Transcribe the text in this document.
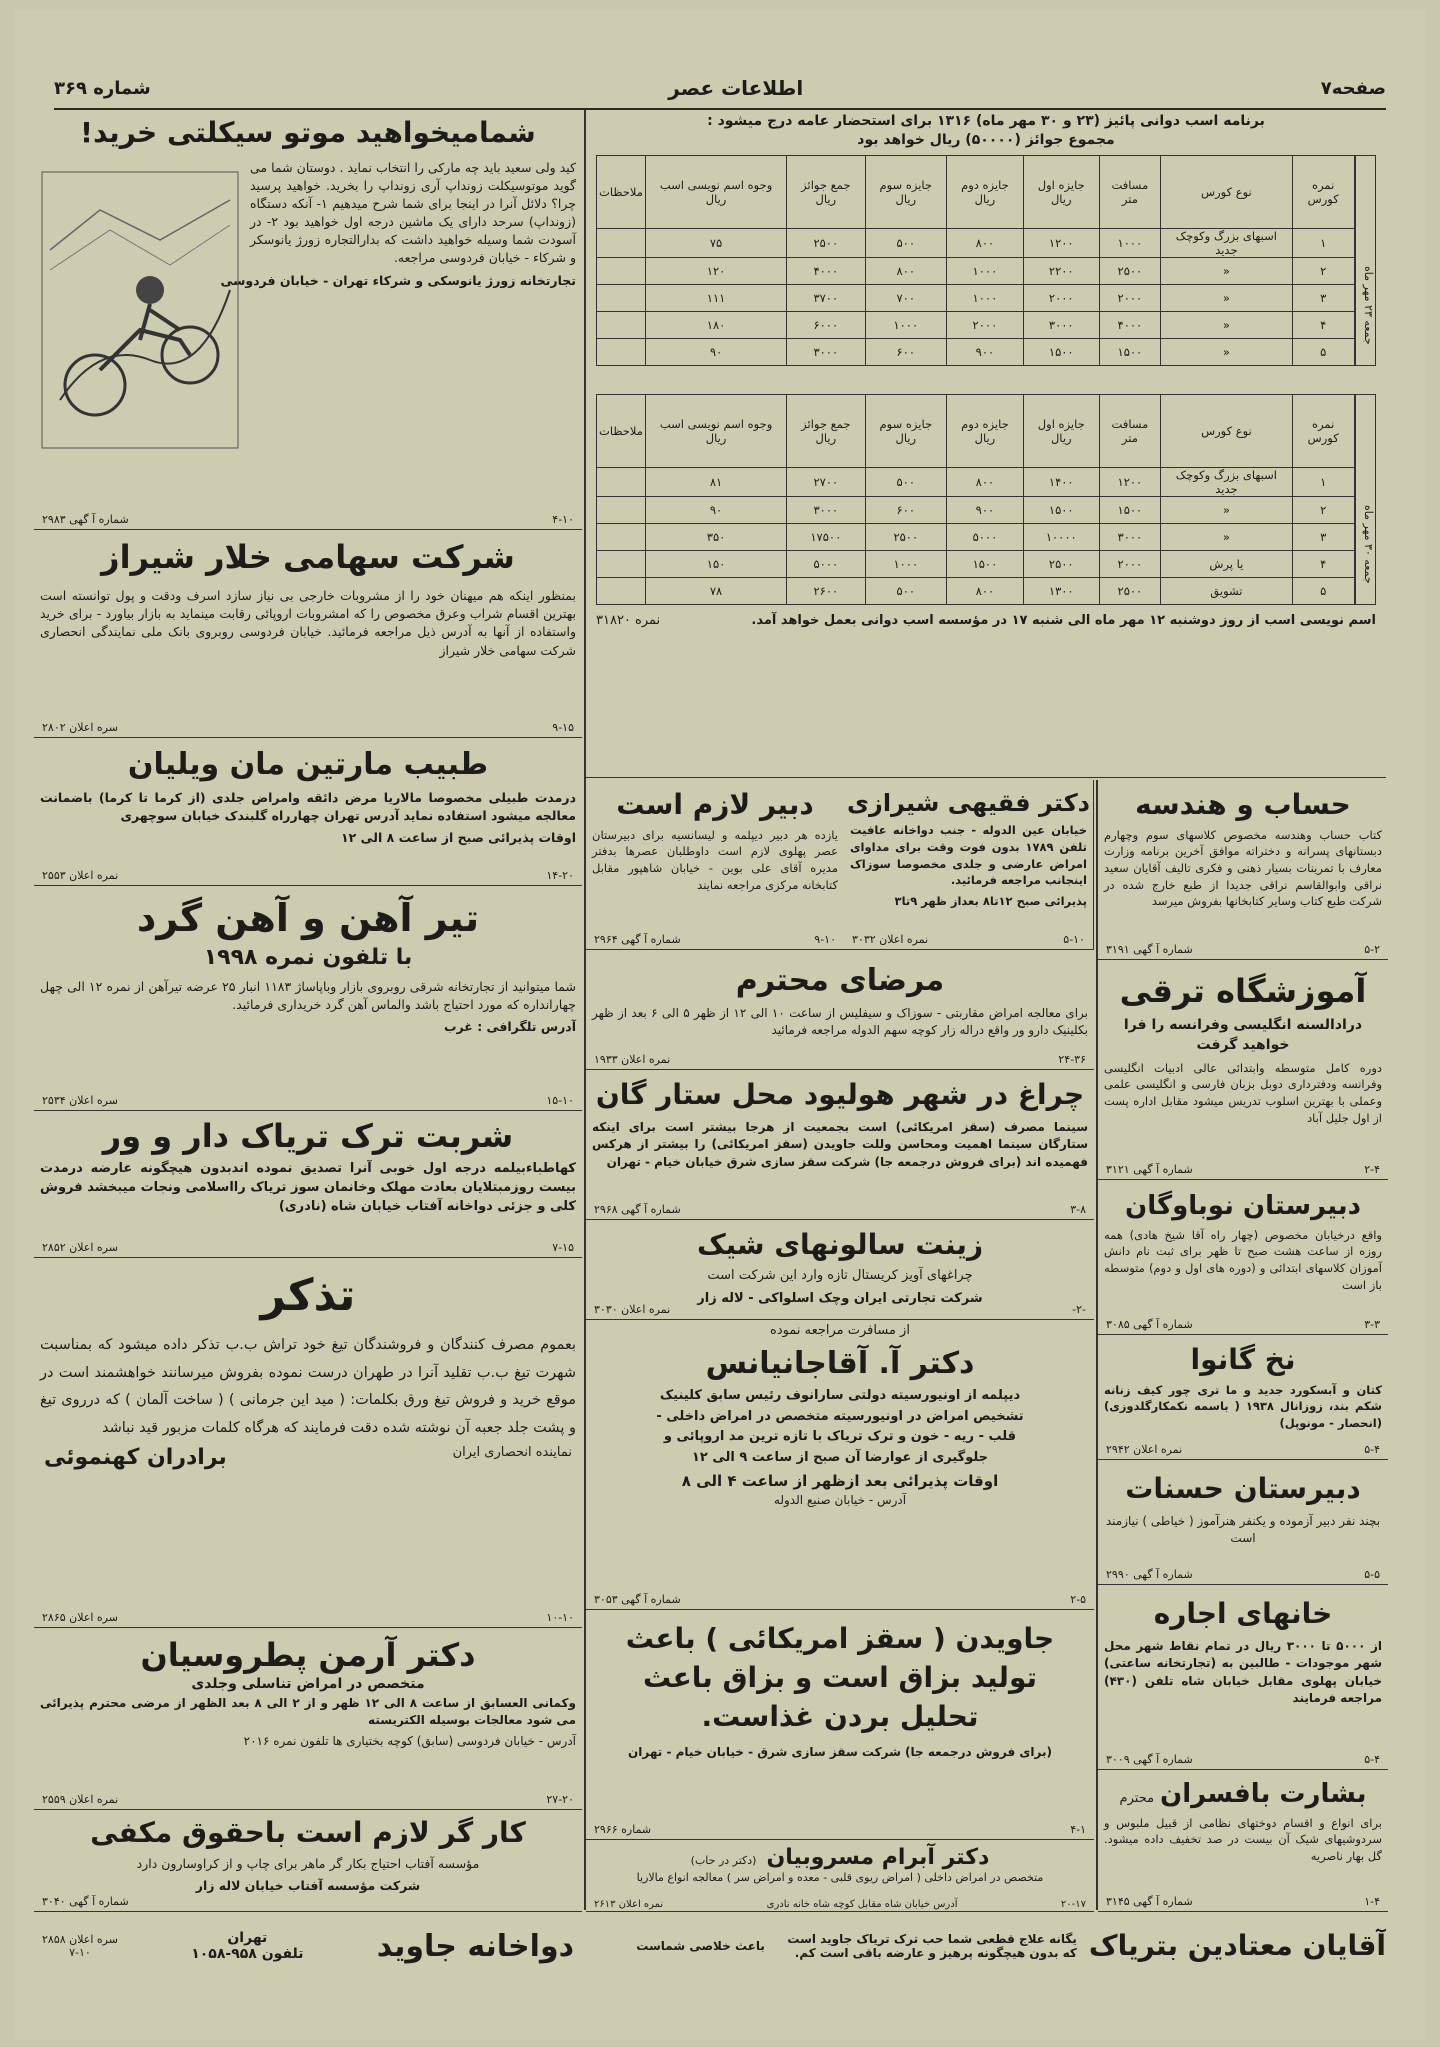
صفحه۷
اطلاعات عصر
شماره ۳۶۹
برنامه اسب دوانی پائیز (۲۳ و ۳۰ مهر ماه) ۱۳۱۶ برای استحضار عامه درج میشود :
مجموع جوائز (۵۰۰۰۰) ریال خواهد بود
جمعه ۲۳ مهر ماه
نمره کورس	نوع کورس	مسافت متر	جایزه اول ریال	جایزه دوم ریال	جایزه سوم ریال	جمع جوائز ریال	وجوه اسم نویسی اسب ریال	ملاحظات
۱	اسبهای بزرگ وکوچک جدید	۱۰۰۰	۱۲۰۰	۸۰۰	۵۰۰	۲۵۰۰	۷۵	
۲	«	۲۵۰۰	۲۲۰۰	۱۰۰۰	۸۰۰	۴۰۰۰	۱۲۰	
۳	«	۲۰۰۰	۲۰۰۰	۱۰۰۰	۷۰۰	۳۷۰۰	۱۱۱	
۴	«	۴۰۰۰	۳۰۰۰	۲۰۰۰	۱۰۰۰	۶۰۰۰	۱۸۰	
۵	«	۱۵۰۰	۱۵۰۰	۹۰۰	۶۰۰	۳۰۰۰	۹۰	
جمعه ۳۰ مهر ماه
نمره کورس	نوع کورس	مسافت متر	جایزه اول ریال	جایزه دوم ریال	جایزه سوم ریال	جمع جوائز ریال	وجوه اسم نویسی اسب ریال	ملاحظات
۱	اسبهای بزرگ وکوچک جدید	۱۲۰۰	۱۴۰۰	۸۰۰	۵۰۰	۲۷۰۰	۸۱	
۲	«	۱۵۰۰	۱۵۰۰	۹۰۰	۶۰۰	۳۰۰۰	۹۰	
۳	«	۳۰۰۰	۱۰۰۰۰	۵۰۰۰	۲۵۰۰	۱۷۵۰۰	۳۵۰	
۴	یا پرش	۲۰۰۰	۲۵۰۰	۱۵۰۰	۱۰۰۰	۵۰۰۰	۱۵۰	
۵	تشویق	۲۵۰۰	۱۳۰۰	۸۰۰	۵۰۰	۲۶۰۰	۷۸	
اسم نویسی اسب از روز دوشنبه ۱۲ مهر ماه الی شنبه ۱۷ در مؤسسه اسب دوانی بعمل خواهد آمد.
نمره ۳۱۸۲۰
شمامیخواهید موتو سیکلتی خرید!
کید ولی سعید باید چه مارکی را انتخاب نماید . دوستان شما می گوید موتوسیکلت زونداپ آری زونداپ را بخرید. خواهید پرسید چرا؟ دلائل آنرا در اینجا برای شما شرح میدهیم ۱- آنکه دستگاه (زونداپ) سرحد دارای یک ماشین درجه اول خواهید بود ۲- در آسودت شما وسیله خواهید داشت که بدارالتجاره زورژ یانوسکر و شرکاء - خیابان فردوسی مراجعه.
تجارتخانه زورژ یانوسکی و شرکاء تهران - خیابان فردوسی
۴-۱۰
شماره آ گهی ۲۹۸۳
شرکت سهامی خلار شیراز
بمنظور اینکه هم میهنان خود را از مشروبات خارجی بی نیاز سازد اسرف ودقت و پول توانسته است بهترین اقسام شراب وعرق مخصوص را که امشروبات اروپائی رقابت مینماید به بازار بیاورد - برای خرید واستفاده از آنها به آدرس ذیل مراجعه فرمائید. خیابان فردوسی روبروی بانک ملی نمایندگی انحصاری شرکت سهامی خلار شیراز
۹-۱۵
سره اعلان ۲۸۰۲
طبیب مارتین مان ویلیان
درمدت طبیلی مخصوصا مالاریا مرض دائقه وامراض جلدی (از کرما تا کرما) باضمانت معالجه میشود استفاده نماید آدرس تهران چهارراه گلبندک خیابان سوچهری
اوقات پذیرائی صبح از ساعت ۸ الی ۱۲
۱۴-۲۰
نمره اعلان ۲۵۵۳
تیر آهن و آهن گرد
با تلفون نمره ۱۹۹۸
شما میتوانید از تجارتخانه شرقی روبروی بازار وباپاساژ ۱۱۸۳ انبار ۲۵ عرضه تیرآهن از نمره ۱۲ الی چهل چهارانداره که مورد احتیاج باشد والماس آهن گرد خریداری فرمائید.
آدرس تلگرافی : غرب
۱۵-۱۰
سره اعلان ۲۵۳۴
شربت ترک تریاک دار و ور
کهاطباءبیلمه درجه اول خوبی آنرا تصدیق نموده اندبدون هیچگونه عارضه درمدت بیست روزمبتلایان بعادت مهلک وخانمان سوز تریاک رااسلامی ونجات میبخشد فروش کلی و جزئی دواخانه آفتاب خیابان شاه (نادری)
۷-۱۵
سره اعلان ۲۸۵۲
تذکر
بعموم مصرف کنندگان و فروشندگان تیغ خود تراش ب.ب تذکر داده میشود که بمناسبت شهرت تیغ ب.ب تقلید آنرا در طهران درست نموده بفروش میرسانند خواهشمند است در موقع خرید و فروش تیغ ورق بکلمات: ( مید این جرمانی ) ( ساخت آلمان ) که درروی تیغ و پشت جلد جعبه آن نوشته شده دقت فرمایند که هرگاه کلمات مزبور قید نباشد
نماینده انحصاری ایران
برادران کهنموئی
۱۰-۱۰
سره اعلان ۲۸۶۵
دکتر آرمن پطروسیان
متخصص در امراض تناسلی وجلدی
وکمانی العسابق از ساعت ۸ الی ۱۲ ظهر و از ۲ الی ۸ بعد الظهر از مرضی محترم پذیرائی می شود معالجات بوسیله الکتریسته
آدرس - خیابان فردوسی (سابق) کوچه بختیاری ها تلفون نمره ۲۰۱۶
۲۷-۲۰
نمره اعلان ۲۵۵۹
کار گر لازم است باحقوق مکفی
مؤسسه آفتاب احتیاج بکار گر ماهر برای چاپ و از کراوسارون دارد
شرکت مؤسسه آفتاب خیابان لاله زار
شماره آ گهی ۳۰۴۰
دبیر لازم است
یازده هر دبیر دیپلمه و لیسانسیه برای دبیرستان عصر پهلوی لازم است داوطلبان عصرها بدفتر مدیره آقای علی بوین - خیابان شاهپور مقابل کتابخانه مرکزی مراجعه نمایند
۹-۱۰
شماره آ گهی ۲۹۶۴
دکتر فقیهی شیرازی
خیابان عین الدوله - جنب دواخانه عافیت تلفن ۱۷۸۹ بدون فوت وقت برای مداوای امراض عارضی و جلدی مخصوصا سوزاک اینجانب مراجعه فرمائید.
پذیرائی صبح ۱۲تا۸ بعداز ظهر ۹تا۳
۵-۱۰
نمره اعلان ۳۰۳۲
مرضای محترم
برای معالجه امراض مقاربتی - سوزاک و سیفلیس از ساعت ۱۰ الی ۱۲ از ظهر ۵ الی ۶ بعد از ظهر بکلینیک دارو ور واقع دراله زار کوچه سهم الدوله مراجعه فرمائید
۲۴-۳۶
نمره اعلان ۱۹۳۳
چراغ در شهر هولیود محل ستار گان
سینما مصرف (سقز امریکائی) است بجمعیت از هرجا بیشتر است برای اینکه ستارگان سینما اهمیت ومحاسن وللت جاویدن (سقز امریکائی) را بیشتر از هرکس فهمیده اند (برای فروش درجمعه جا) شرکت سقز سازی شرق خیابان خیام - تهران
۳-۸
شماره آ گهی ۲۹۶۸
زینت سالونهای شیک
چراغهای آویز کریستال تازه وارد این شرکت است
شرکت تجارتی ایران وچک اسلواکی - لاله زار
-۲-
نمره اعلان ۳۰۳۰
از مسافرت مراجعه نموده
دکتر آ. آقاجانیانس
دیپلمه از اونیورسیته دولتی سارانوف رئیس سابق کلینیک تشخیص امراض در اونیورسیته متخصص در امراض داخلی - قلب - ریه - خون و ترک تریاک با تازه ترین مد اروپائی و جلوگیری از عوارضا آن صبح از ساعت ۹ الی ۱۲
اوقات پذیرائی بعد ازظهر از ساعت ۴ الی ۸
آدرس - خیابان صنیع الدوله
۲-۵
شماره آ گهی ۳۰۵۳
جاویدن ( سقز امریکائی ) باعث
تولید بزاق است و بزاق باعث
تحلیل بردن غذاست.
(برای فروش درجمعه جا) شرکت سقز سازی شرق - خیابان خیام - تهران
۴-۱
شماره ۲۹۶۶
دکتر آبرام مسروبیان
(دکتر در حاب)
متخصص در امراض داخلی ( امراض ریوی قلبی - معده و امراض سر ) معالجه انواع مالاریا
۲۰-۱۷
آدرس خیابان شاه مقابل کوچه شاه خانه نادری
نمره اعلان ۲۶۱۳
حساب و هندسه
کتاب حساب وهندسه مخصوص کلاسهای سوم وچهارم دبستانهای پسرانه و دختراته موافق آخرین برنامه وزارت معارف با تمرینات بسیار ذهنی و فکری تالیف آقایان سعید نراقی وابوالقاسم نراقی جدیدا از طبع خارج شده در شرکت طبع کتاب وسایر کتابخانها بفروش میرسد
۵-۲
شماره آ گهی ۳۱۹۱
آموزشگاه ترقی
درادالسنه انگلیسی وفرانسه را فرا خواهید گرفت
دوره کامل متوسطه وابتدائی عالی ادبیات انگلیسی وفرانسه ودفترداری دوبل بزبان فارسی و انگلیسی علمی وعملی با بهترین اسلوب تدریس میشود مقابل اداره پست از اول جلیل آباد
۲-۴
شماره آ گهی ۳۱۲۱
دبیرستان نوباوگان
واقع درخیابان مخصوص (چهار راه آقا شیخ هادی) همه روزه از ساعت هشت صبح تا ظهر برای ثبت نام دانش آموزان کلاسهای ابتدائی و (دوره های اول و دوم) متوسطه باز است
۳-۳
شماره آ گهی ۳۰۸۵
نخ گانوا
کتان و آبسکورد جدید و ما تری چور کیف زنانه شکم بند، زوزانال ۱۹۳۸ ( باسمه نکمکارگلدوزی) (انحصار - مونوپل)
۵-۴
نمره اعلان ۲۹۴۲
دبیرستان حسنات
بچند نفر دبیر آزموده و یکنفر هنرآموز ( خیاطی ) نیازمند است
۵-۵
شماره آ گهی ۲۹۹۰
خانهای اجاره
از ۵۰۰۰ تا ۳۰۰۰ ریال در تمام نقاط شهر محل شهر موجودات - طالبین به (تجارتخانه ساعتی) خیابان پهلوی مقابل خیابان شاه تلفن (۴۳۰) مراجعه فرمایند
۵-۴
شماره آ گهی ۳۰۰۹
بشارت بافسران
محترم
برای انواع و اقسام دوختهای نظامی از قبیل ملبوس و سردوشیهای شیک آن بیست در صد تخفیف داده میشود. گل بهار ناصریه
۱-۴
شماره آ گهی ۳۱۴۵
آقایان معتادین بتریاک
یگانه علاج قطعی شما حب ترک تریاک جاوید است که بدون هیچگونه پرهیز و عارضه باقی است کم.
باعث خلاصی شماست
دواخانه جاوید
تهران
تلفون ۹۵۸-۱۰۵۸
سره اعلان ۲۸۵۸
۷-۱۰
